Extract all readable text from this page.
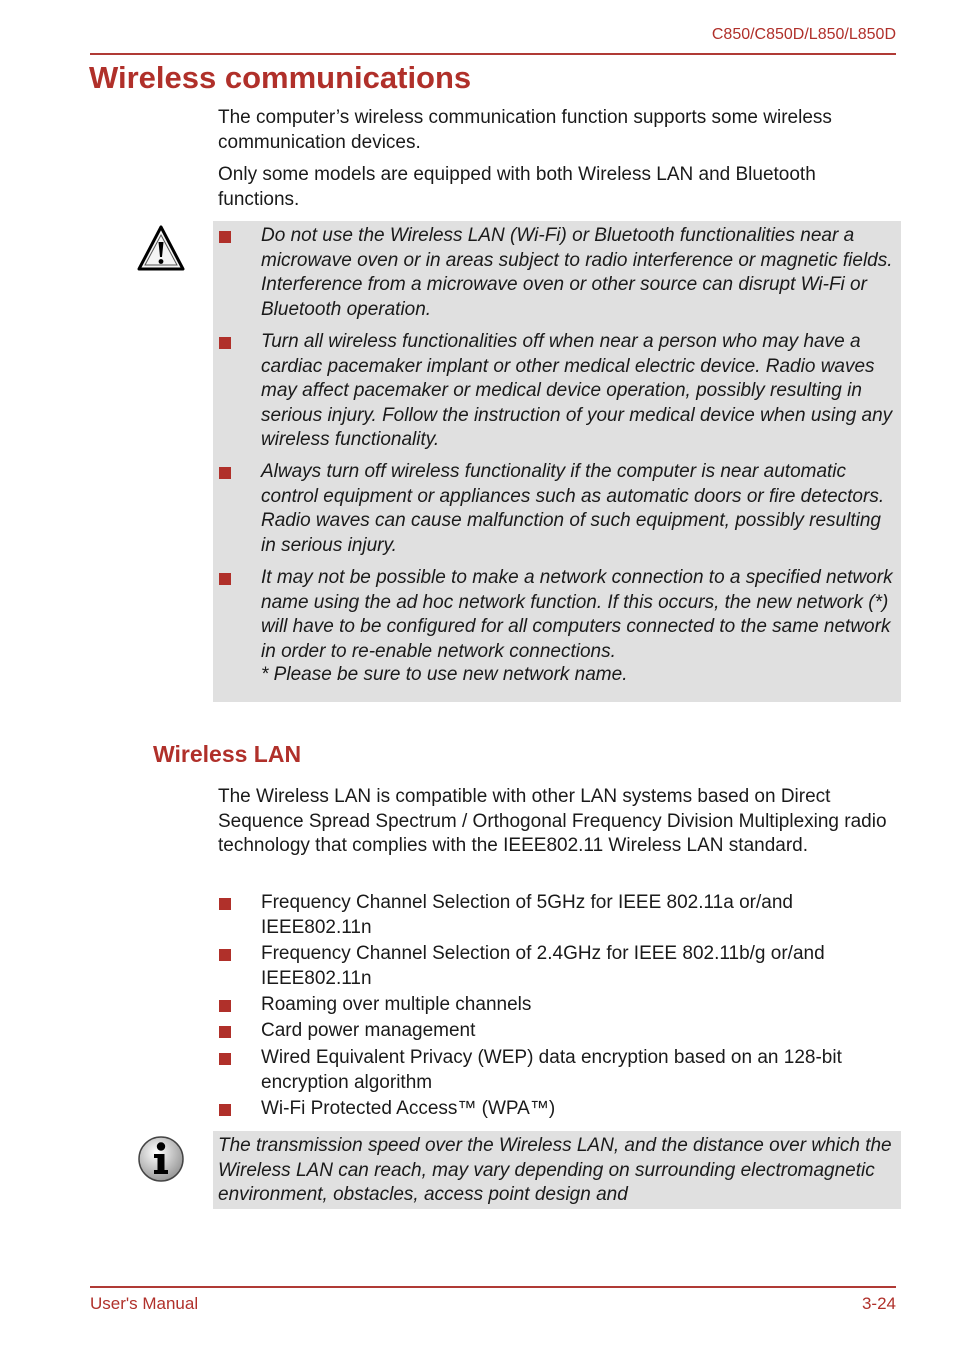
C850/C850D/L850/L850D
Wireless communications

The computer’s wireless communication function supports some wireless communication devices.

Only some models are equipped with both Wireless LAN and Bluetooth functions.

Do not use the Wireless LAN (Wi-Fi) or Bluetooth functionalities near a microwave oven or in areas subject to radio interference or magnetic fields. Interference from a microwave oven or other source can disrupt Wi-Fi or Bluetooth operation.

Turn all wireless functionalities off when near a person who may have a cardiac pacemaker implant or other medical electric device. Radio waves may affect pacemaker or medical device operation, possibly resulting in serious injury. Follow the instruction of your medical device when using any wireless functionality.

Always turn off wireless functionality if the computer is near automatic control equipment or appliances such as automatic doors or fire detectors. Radio waves can cause malfunction of such equipment, possibly resulting in serious injury.

It may not be possible to make a network connection to a specified network name using the ad hoc network function. If this occurs, the new network (*) will have to be configured for all computers connected to the same network in order to re-enable network connections.

* Please be sure to use new network name.

Wireless LAN

The Wireless LAN is compatible with other LAN systems based on Direct Sequence Spread Spectrum / Orthogonal Frequency Division Multiplexing radio technology that complies with the IEEE802.11 Wireless LAN standard.

Frequency Channel Selection of 5GHz for IEEE 802.11a or/and IEEE802.11n

Frequency Channel Selection of 2.4GHz for IEEE 802.11b/g or/and IEEE802.11n

Roaming over multiple channels

Card power management

Wired Equivalent Privacy (WEP) data encryption based on an 128-bit encryption algorithm

Wi-Fi Protected Access™ (WPA™)

The transmission speed over the Wireless LAN, and the distance over which the Wireless LAN can reach, may vary depending on surrounding electromagnetic environment, obstacles, access point design and

User's Manual	3-24
